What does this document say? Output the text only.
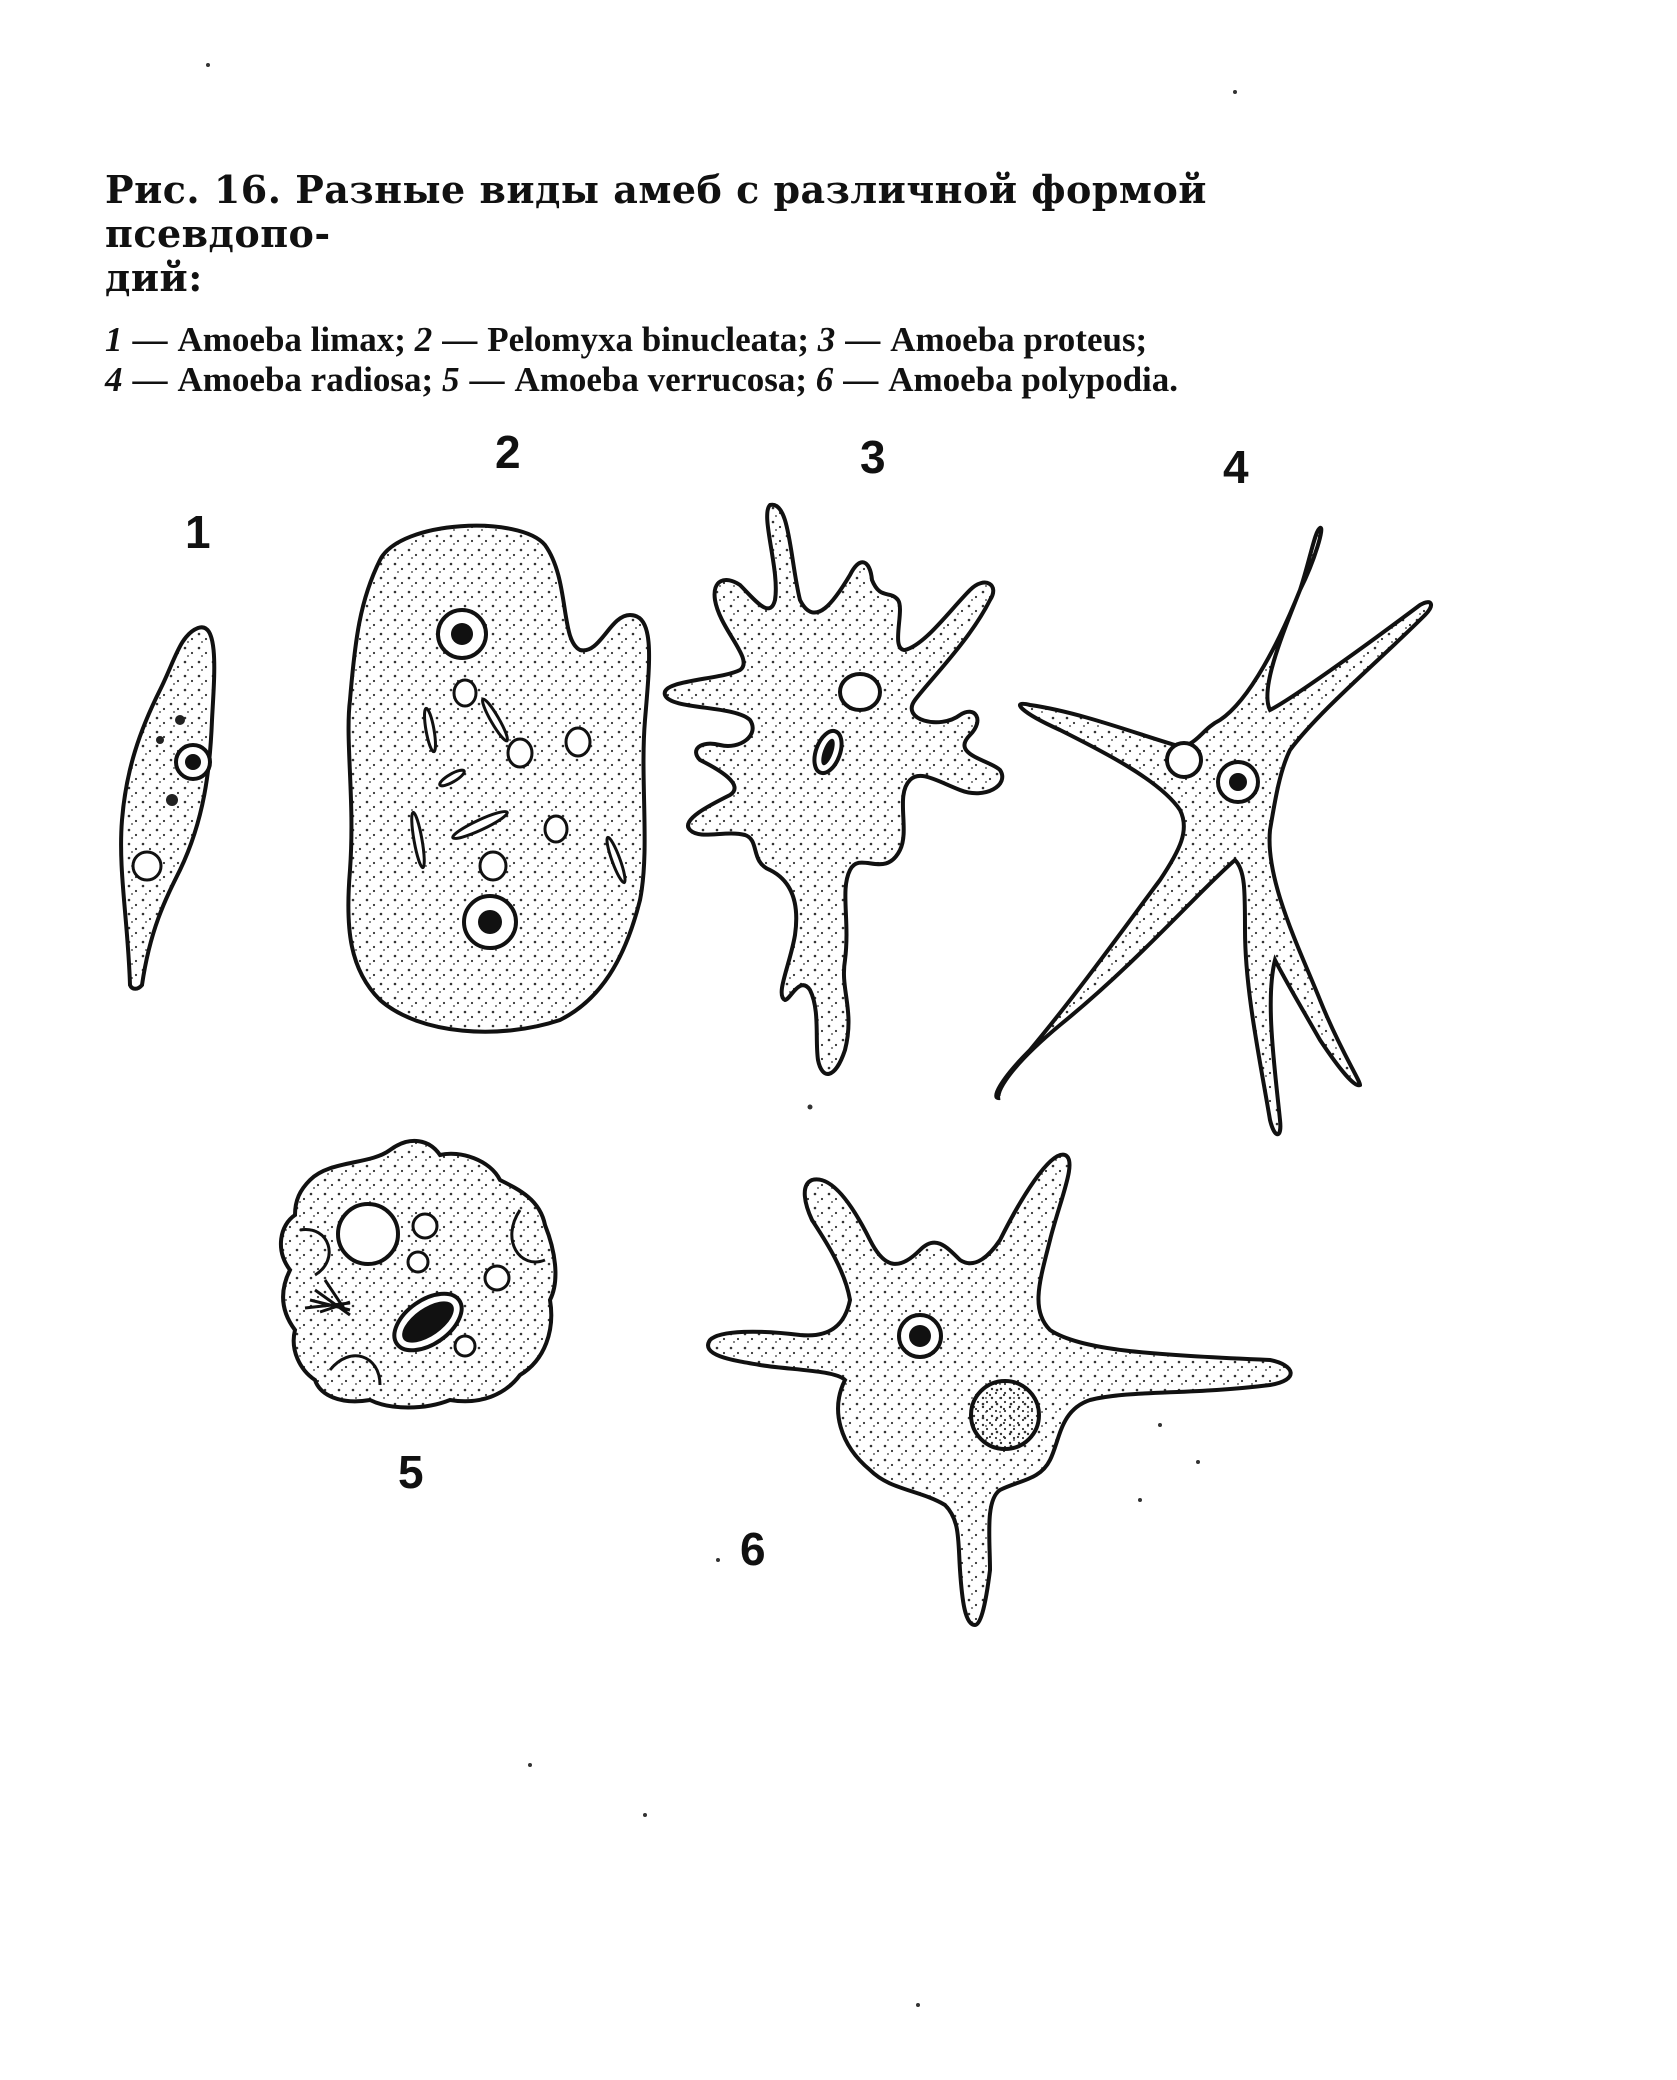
Рис. 16. Разные виды амеб с различной формой псевдопо-
дий:

1 — Amoeba limax; 2 — Pelomyxa binucleata; 3 — Amoeba proteus;
4 — Amoeba radiosa; 5 — Amoeba verrucosa; 6 — Amoeba polypodia.
1
2	3	4
5
6
